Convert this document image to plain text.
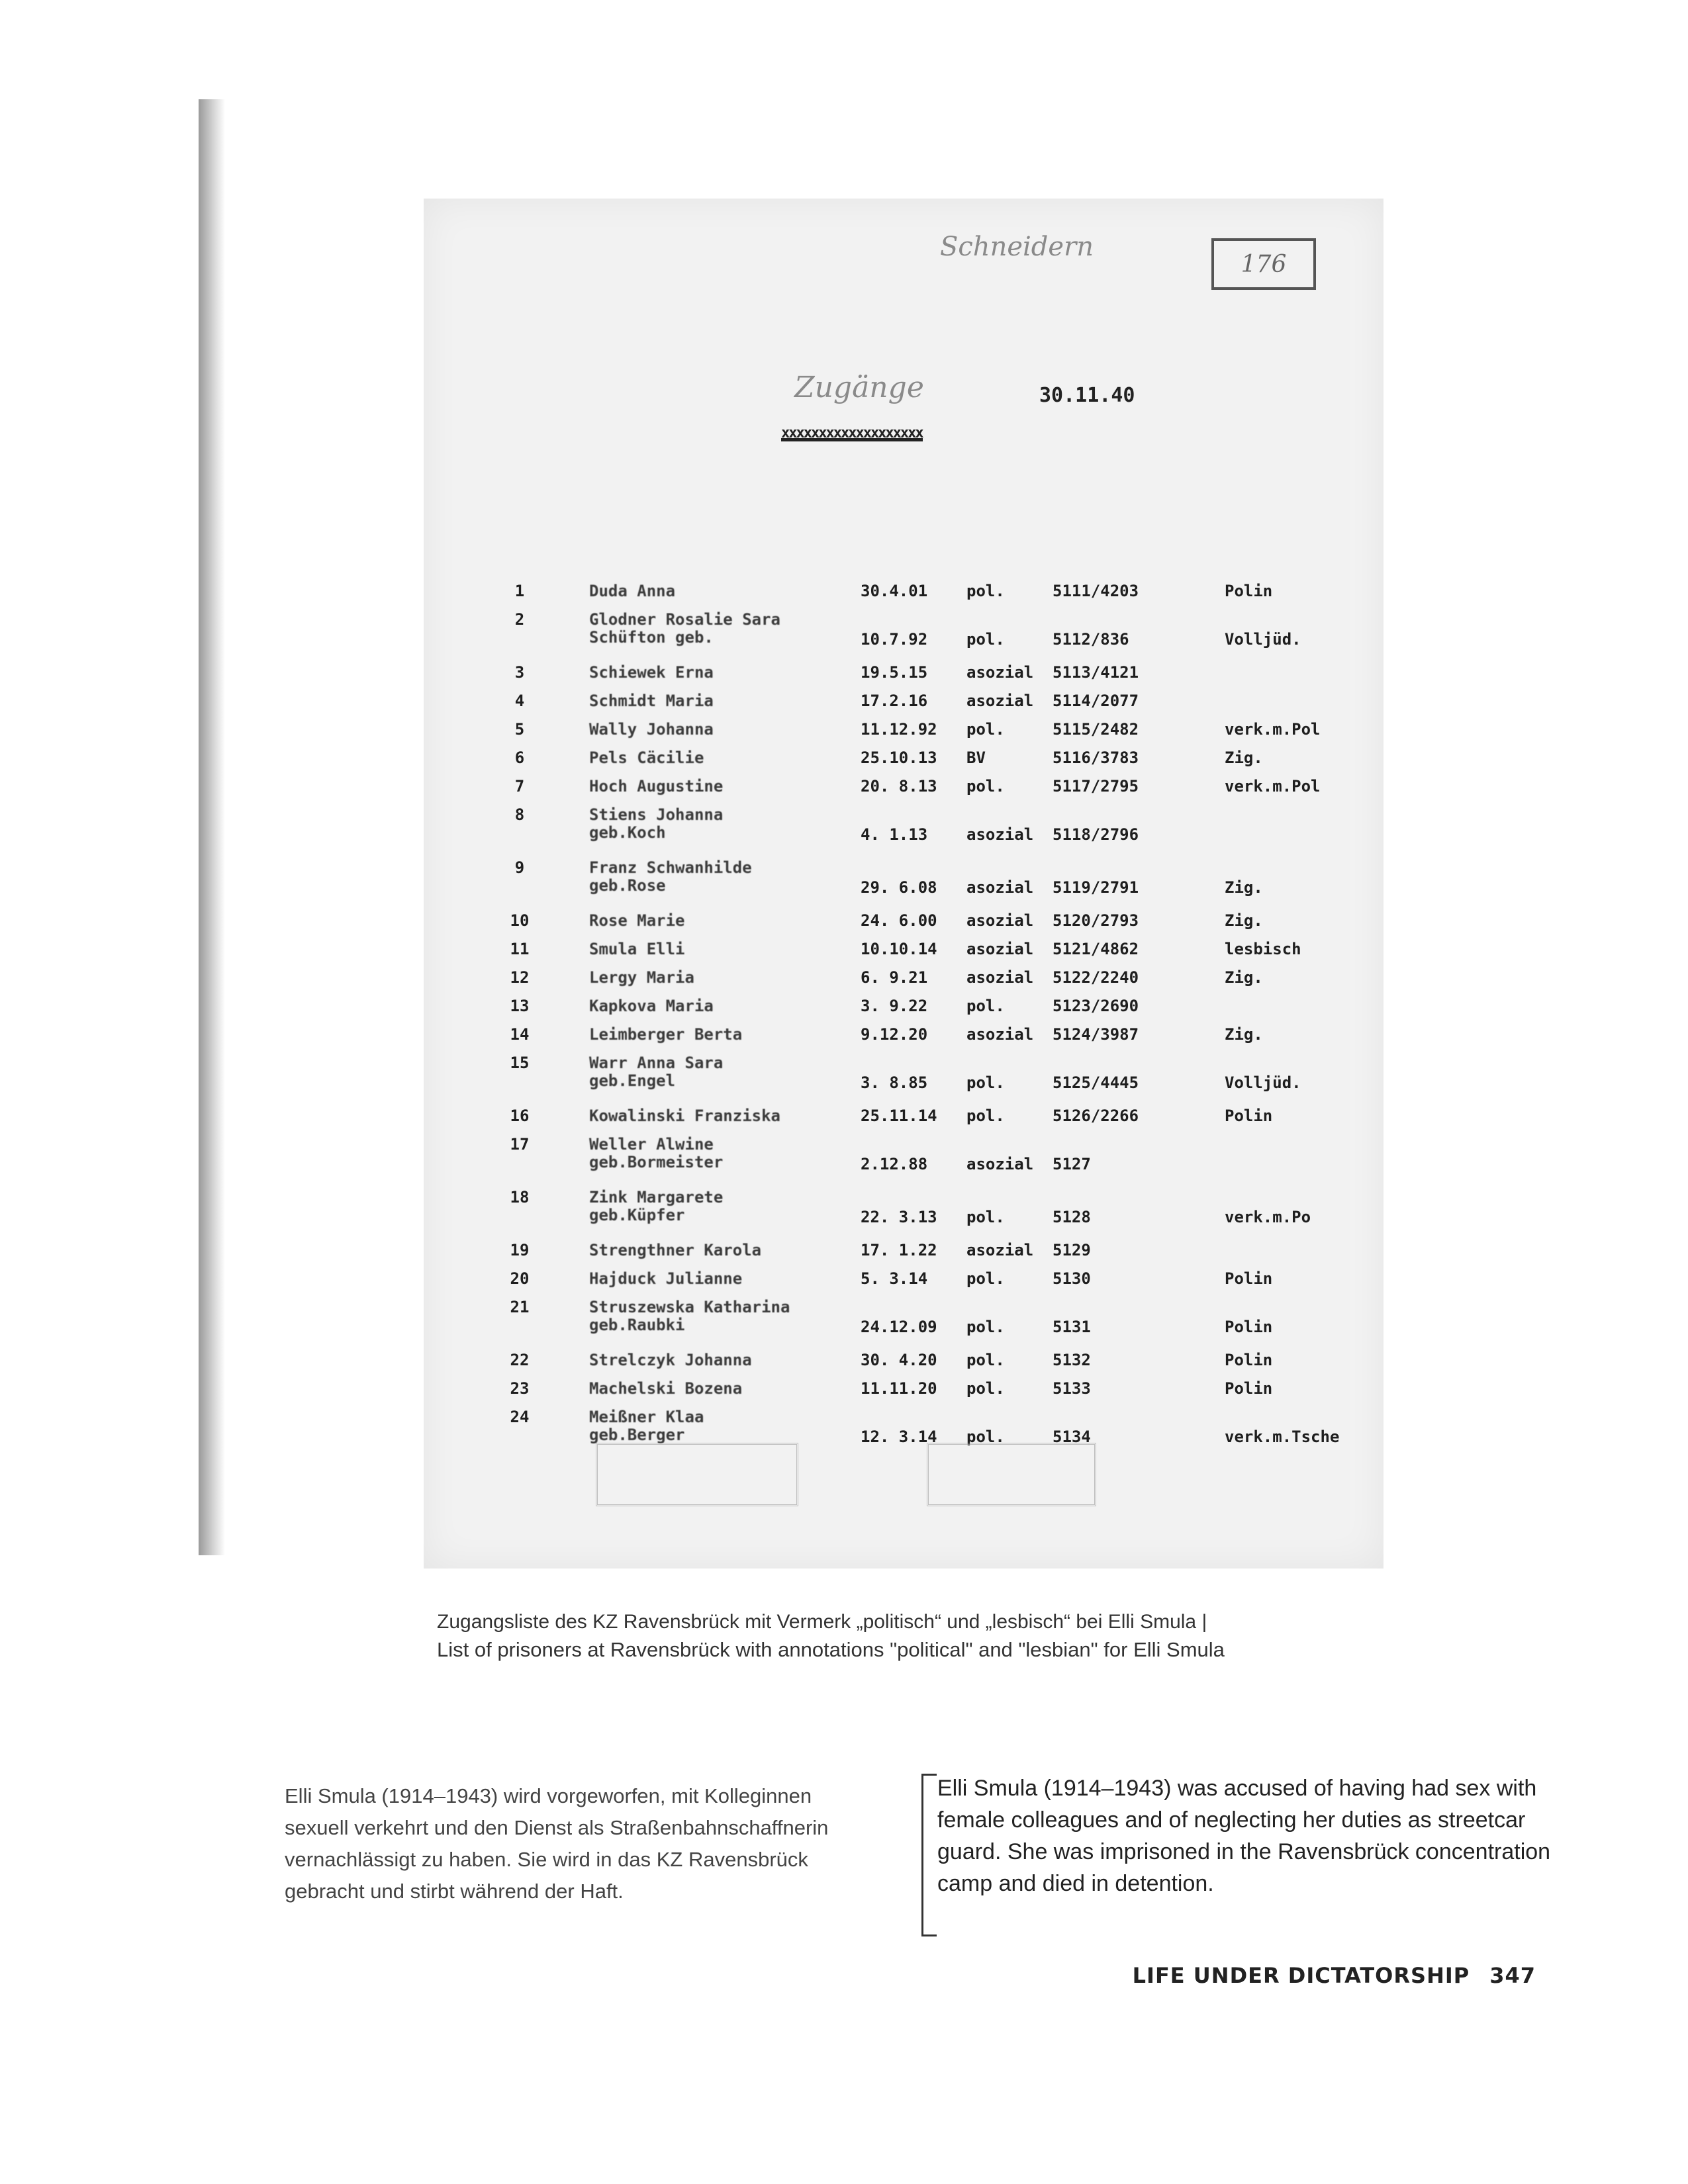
Schneidern
176
Zugänge	30.11.40
xxxxxxxxxxxxxxxxxxx
1	Duda Anna	30.4.01	pol.	5111/4203	Polin
2	Glodner Rosalie Sara
Schüfton geb.	10.7.92	pol.	5112/836	Volljüd.
3	Schiewek Erna	19.5.15	asozial 5113/4121
4	Schmidt Maria	17.2.16	asozial 5114/2077
5	Wally Johanna	11.12.92	pol.	5115/2482	verk.m.Pol
6	Pels Cäcilie	25.10.13	BV	5116/3783	Zig.
7	Hoch Augustine	20. 8.13	pol.	5117/2795	verk.m.Pol
8	Stiens Johanna
geb.Koch	4. 1.13	asozial 5118/2796
9	Franz Schwanhilde
geb.Rose	29. 6.08	asozial 5119/2791	Zig.
10	Rose Marie	24. 6.00	asozial 5120/2793	Zig.
11	Smula Elli	10.10.14	asozial 5121/4862	lesbisch
12	Lergy Maria	6. 9.21	asozial 5122/2240	Zig.
13	Kapkova Maria	3. 9.22	pol.	5123/2690
14	Leimberger Berta	9.12.20	asozial 5124/3987	Zig.
15	Warr Anna Sara
geb.Engel	3. 8.85	pol.	5125/4445	Volljüd.
16	Kowalinski Franziska	25.11.14	pol.	5126/2266	Polin
17	Weller Alwine
geb.Bormeister	2.12.88	asozial 5127
18	Zink Margarete
geb.Küpfer	22. 3.13	pol.	5128	verk.m.Po
19	Strengthner Karola	17. 1.22	asozial 5129
20	Hajduck Julianne	5. 3.14	pol.	5130	Polin
21	Struszewska Katharina
geb.Raubki	24.12.09	pol.	5131	Polin
22	Strelczyk Johanna	30. 4.20	pol.	5132	Polin
23	Machelski Bozena	11.11.20	pol.	5133	Polin
24	Meißner Klaa
geb.Berger	12. 3.14	pol.	5134	verk.m.Tsche
Zugangsliste des KZ Ravensbrück mit Vermerk „politisch“ und „lesbisch“ bei Elli Smula |
List of prisoners at Ravensbrück with annotations "political" and "lesbian" for Elli Smula
Elli Smula (1914–1943) wird vorgeworfen, mit Kolleginnen sexuell verkehrt und den Dienst als Straßenbahnschaffnerin vernachlässigt zu haben. Sie wird in das KZ Ravensbrück gebracht und stirbt während der Haft.
Elli Smula (1914–1943) was accused of having had sex with female colleagues and of neglecting her duties as streetcar guard. She was imprisoned in the Ravensbrück concentration camp and died in detention.
LIFE UNDER DICTATORSHIP 347
